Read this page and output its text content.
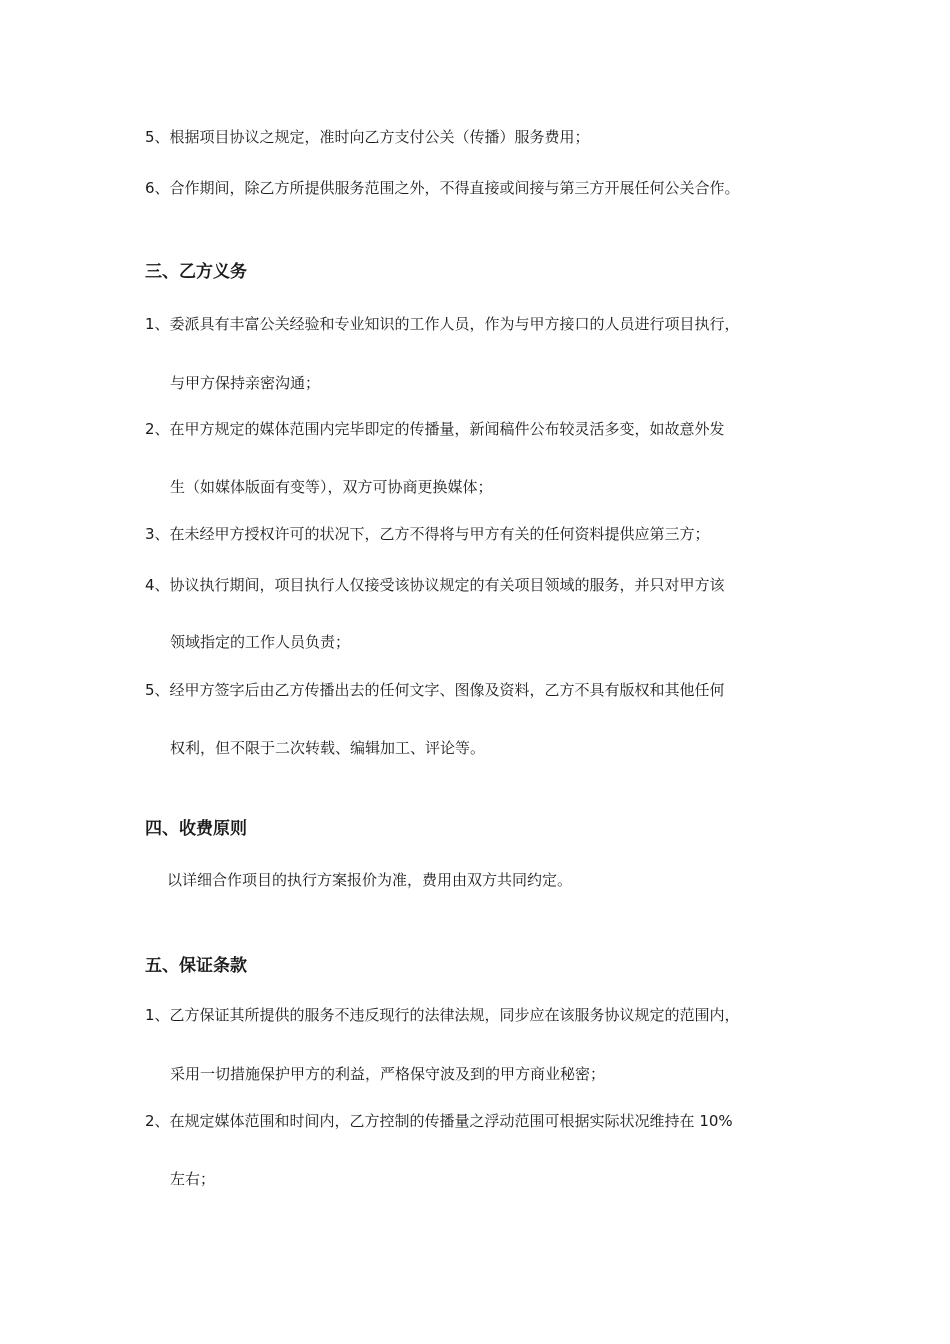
5、根据项目协议之规定，准时向乙方支付公关（传播）服务费用；
6、合作期间，除乙方所提供服务范围之外，不得直接或间接与第三方开展任何公关合作。
三、乙方义务
1、委派具有丰富公关经验和专业知识的工作人员，作为与甲方接口的人员进行项目执行，
与甲方保持亲密沟通；
2、在甲方规定的媒体范围内完毕即定的传播量，新闻稿件公布较灵活多变，如故意外发
生（如媒体版面有变等），双方可协商更换媒体；
3、在未经甲方授权许可的状况下，乙方不得将与甲方有关的任何资料提供应第三方；
4、协议执行期间，项目执行人仅接受该协议规定的有关项目领域的服务，并只对甲方该
领域指定的工作人员负责；
5、经甲方签字后由乙方传播出去的任何文字、图像及资料，乙方不具有版权和其他任何
权利，但不限于二次转载、编辑加工、评论等。
四、收费原则
以详细合作项目的执行方案报价为准，费用由双方共同约定。
五、保证条款
1、乙方保证其所提供的服务不违反现行的法律法规，同步应在该服务协议规定的范围内，
采用一切措施保护甲方的利益，严格保守波及到的甲方商业秘密；
2、在规定媒体范围和时间内，乙方控制的传播量之浮动范围可根据实际状况维持在 10%
左右；
